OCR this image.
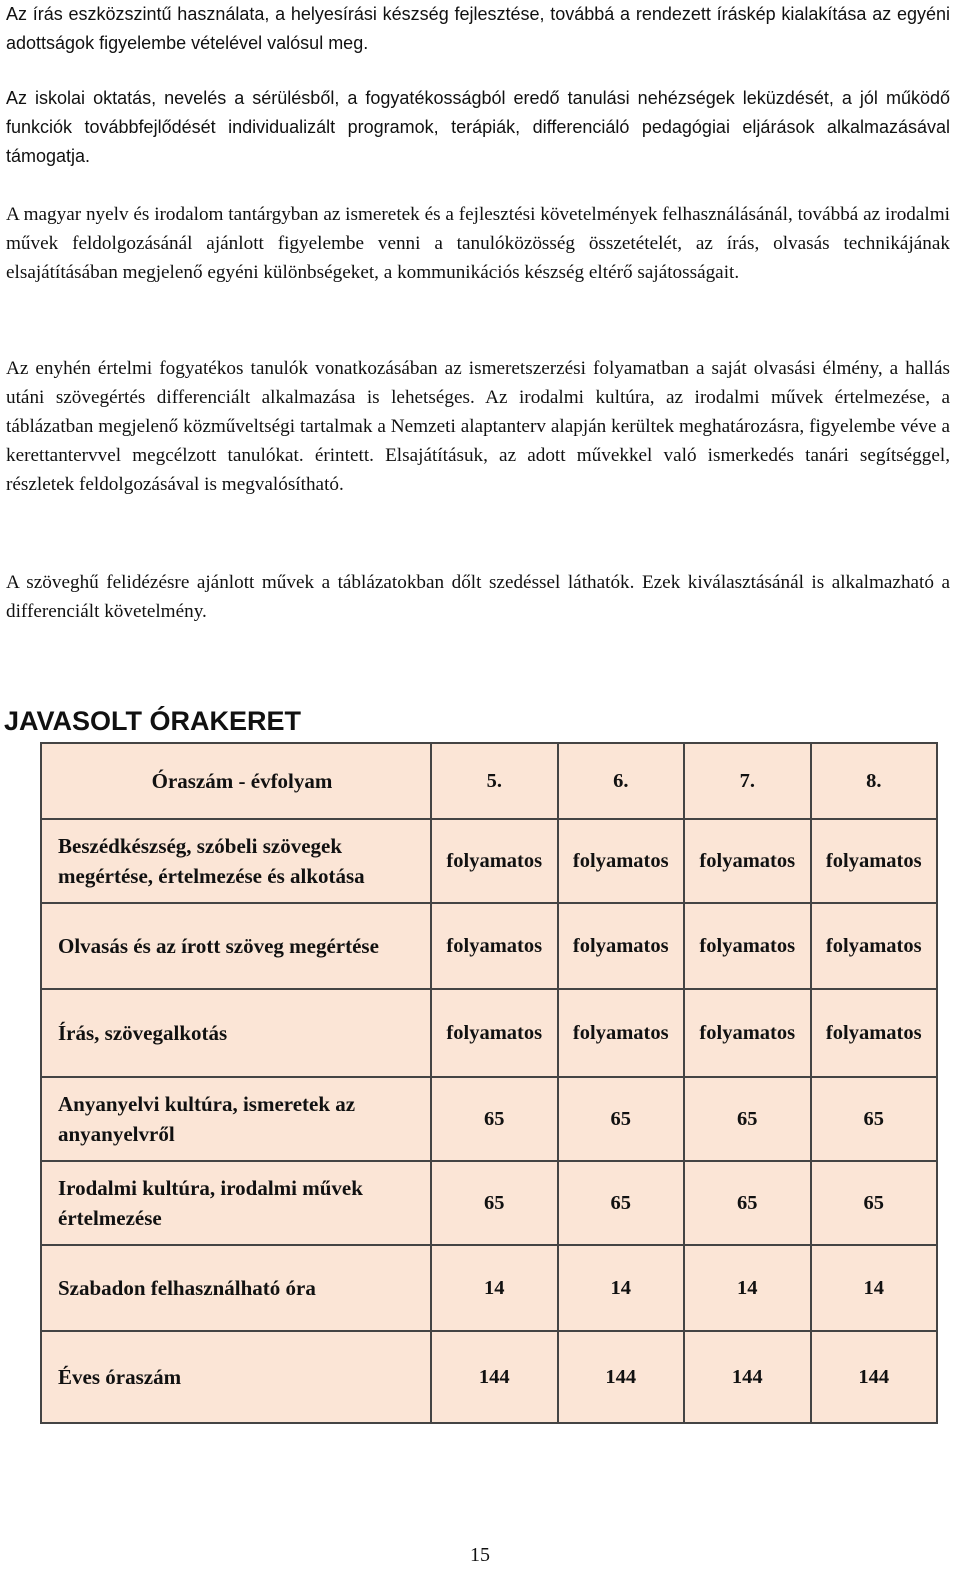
Az írás eszközszintű használata, a helyesírási készség fejlesztése, továbbá a rendezett íráskép kialakítása az egyéni adottságok figyelembe vételével valósul meg.
Az iskolai oktatás, nevelés a sérülésből, a fogyatékosságból eredő tanulási nehézségek leküzdését, a jól működő funkciók továbbfejlődését individualizált programok, terápiák, differenciáló pedagógiai eljárások alkalmazásával támogatja.
A magyar nyelv és irodalom tantárgyban az ismeretek és a fejlesztési követelmények felhasználásánál, továbbá az irodalmi művek feldolgozásánál ajánlott figyelembe venni a tanulóközösség összetételét, az írás, olvasás technikájának elsajátításában megjelenő egyéni különbségeket, a kommunikációs készség eltérő sajátosságait.
Az enyhén értelmi fogyatékos tanulók vonatkozásában az ismeretszerzési folyamatban a saját olvasási élmény, a hallás utáni szövegértés differenciált alkalmazása is lehetséges. Az irodalmi kultúra, az irodalmi művek értelmezése, a táblázatban megjelenő közműveltségi tartalmak a Nemzeti alaptanterv alapján kerültek meghatározásra, figyelembe véve a kerettantervvel megcélzott tanulókat. érintett. Elsajátításuk, az adott művekkel való ismerkedés tanári segítséggel, részletek feldolgozásával is megvalósítható.
A szöveghű felidézésre ajánlott művek a táblázatokban dőlt szedéssel láthatók. Ezek kiválasztásánál is alkalmazható a differenciált követelmény.
JAVASOLT ÓRAKERET
Óraszám - évfolyam	5.	6.	7.	8.
Beszédkészség, szóbeli szövegek megértése, értelmezése és alkotása	folyamatos	folyamatos	folyamatos	folyamatos
Olvasás és az írott szöveg megértése	folyamatos	folyamatos	folyamatos	folyamatos
Írás, szövegalkotás	folyamatos	folyamatos	folyamatos	folyamatos
Anyanyelvi kultúra, ismeretek az anyanyelvről	65	65	65	65
Irodalmi kultúra, irodalmi művek értelmezése	65	65	65	65
Szabadon felhasználható óra	14	14	14	14
Éves óraszám	144	144	144	144
15
